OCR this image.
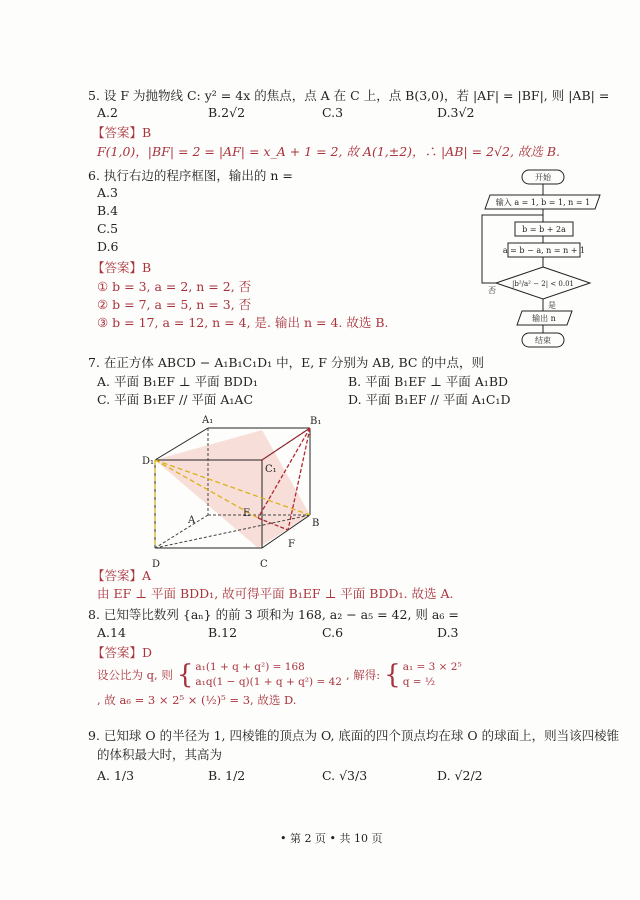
5. 设 F 为抛物线 C: y² = 4x 的焦点，点 A 在 C 上，点 B(3,0)，若 |AF| = |BF|, 则 |AB| =
A.2	B.2√2	C.3	D.3√2
【答案】B
F(1,0)，|BF| = 2 = |AF| = x_A + 1 = 2, 故 A(1,±2)，∴ |AB| = 2√2, 故选 B.
6. 执行右边的程序框图，输出的 n =
A.3
B.4
C.5
D.6
【答案】B
① b = 3, a = 2, n = 2, 否
② b = 7, a = 5, n = 3, 否
③ b = 17, a = 12, n = 4, 是. 输出 n = 4. 故选 B.
开始
输入 a = 1, b = 1, n = 1
b = b + 2a
a = b − a, n = n + 1
|b²/a² − 2| < 0.01
否
是
输出 n
结束
7. 在正方体 ABCD − A₁B₁C₁D₁ 中，E, F 分别为 AB, BC 的中点，则
A. 平面 B₁EF ⊥ 平面 BDD₁	B. 平面 B₁EF ⊥ 平面 A₁BD
C. 平面 B₁EF // 平面 A₁AC	D. 平面 B₁EF // 平面 A₁C₁D
A₁	B₁
C₁
D₁
A	B
C
D
E
F
【答案】A
由 EF ⊥ 平面 BDD₁, 故可得平面 B₁EF ⊥ 平面 BDD₁. 故选 A.
8. 已知等比数列 {aₙ} 的前 3 项和为 168, a₂ − a₅ = 42, 则 a₆ =
A.14	B.12	C.6	D.3
【答案】D
设公比为 q, 则 { a₁(1 + q + q²) = 168
a₁q(1 − q)(1 + q + q²) = 42 , 解得: { a₁ = 3 × 2⁵
q = ½
, 故 a₆ = 3 × 2⁵ × (½)⁵ = 3, 故选 D.
9. 已知球 O 的半径为 1, 四棱锥的顶点为 O, 底面的四个顶点均在球 O 的球面上，则当该四棱锥
的体积最大时，其高为
A. 1/3	B. 1/2	C. √3/3	D. √2/2
• 第 2 页 • 共 10 页
